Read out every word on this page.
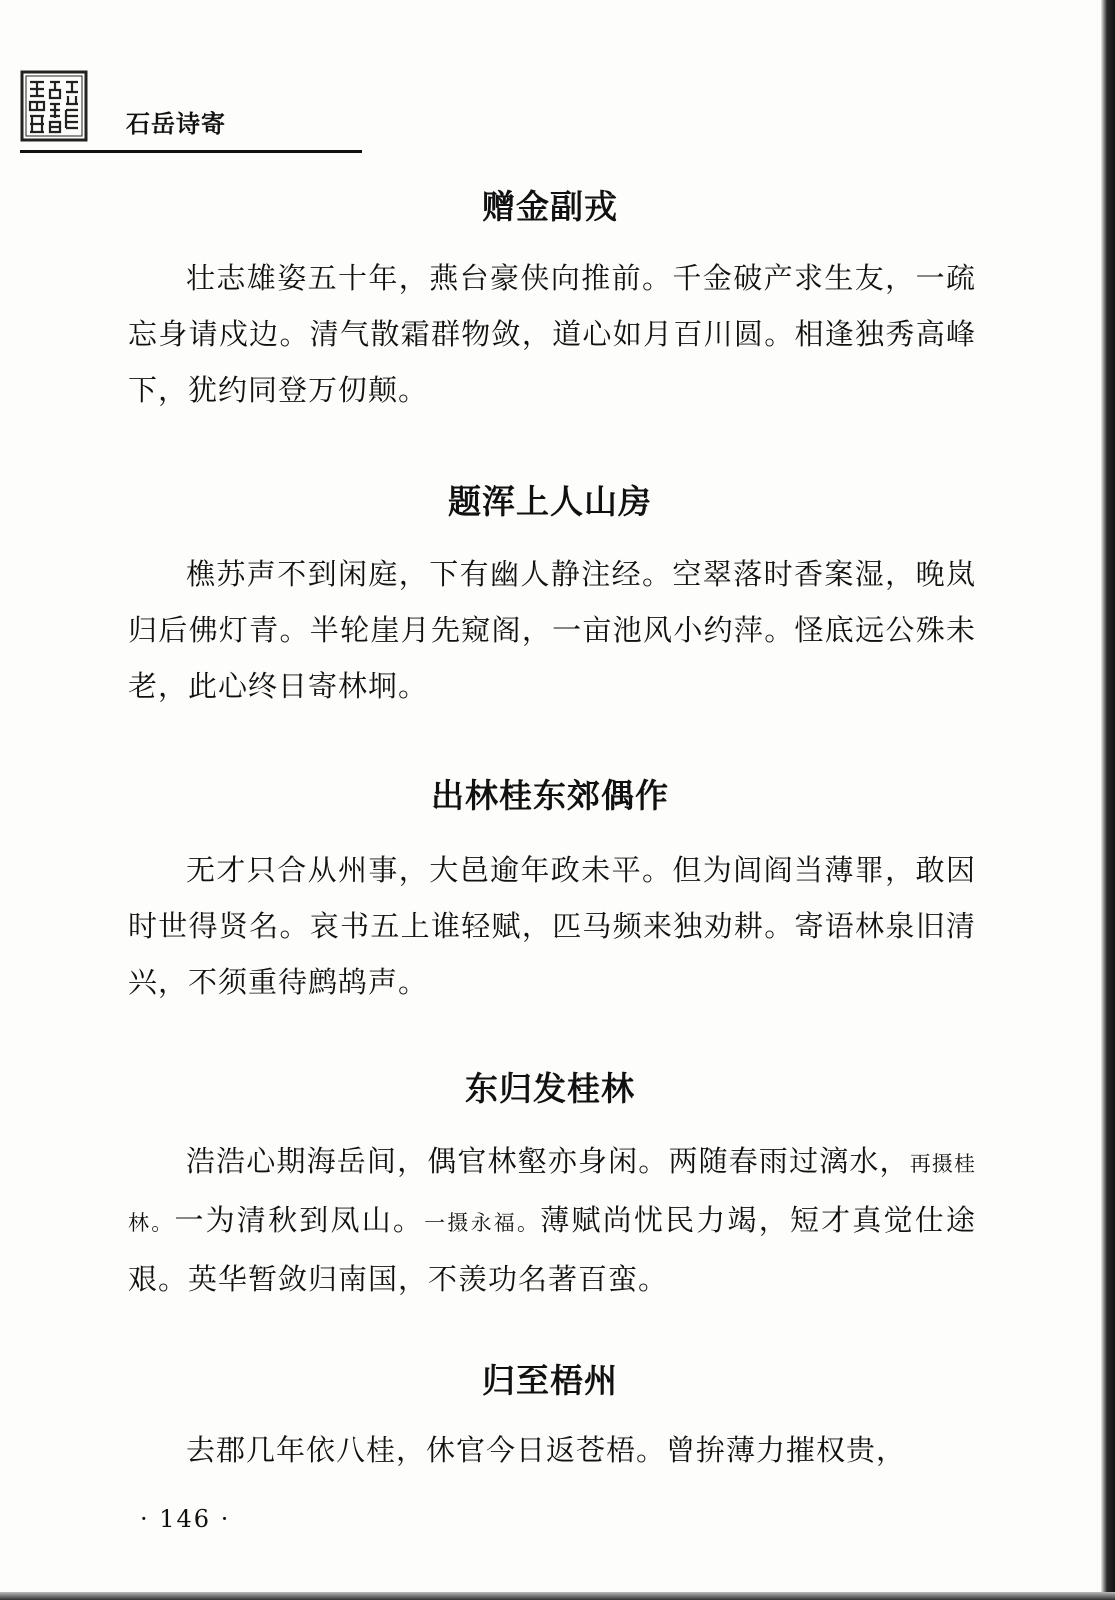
石岳诗寄
赠金副戎
壮志雄姿五十年，燕台豪侠向推前。千金破产求生友，一疏忘身请戍边。清气散霜群物敛，道心如月百川圆。相逢独秀高峰下，犹约同登万仞颠。
题浑上人山房
樵苏声不到闲庭，下有幽人静注经。空翠落时香案湿，晚岚归后佛灯青。半轮崖月先窥阁，一亩池风小约萍。怪底远公殊未老，此心终日寄林坰。
出林桂东郊偶作
无才只合从州事，大邑逾年政未平。但为闾阎当薄罪，敢因时世得贤名。哀书五上谁轻赋，匹马频来独劝耕。寄语林泉旧清兴，不须重待鹧鸪声。
东归发桂林
浩浩心期海岳间，偶官林壑亦身闲。两随春雨过漓水，再摄桂林。一为清秋到凤山。一摄永福。薄赋尚忧民力竭，短才真觉仕途艰。英华暂敛归南国，不羡功名著百蛮。
归至梧州
去郡几年依八桂，休官今日返苍梧。曾拚薄力摧权贵，
· 146 ·
